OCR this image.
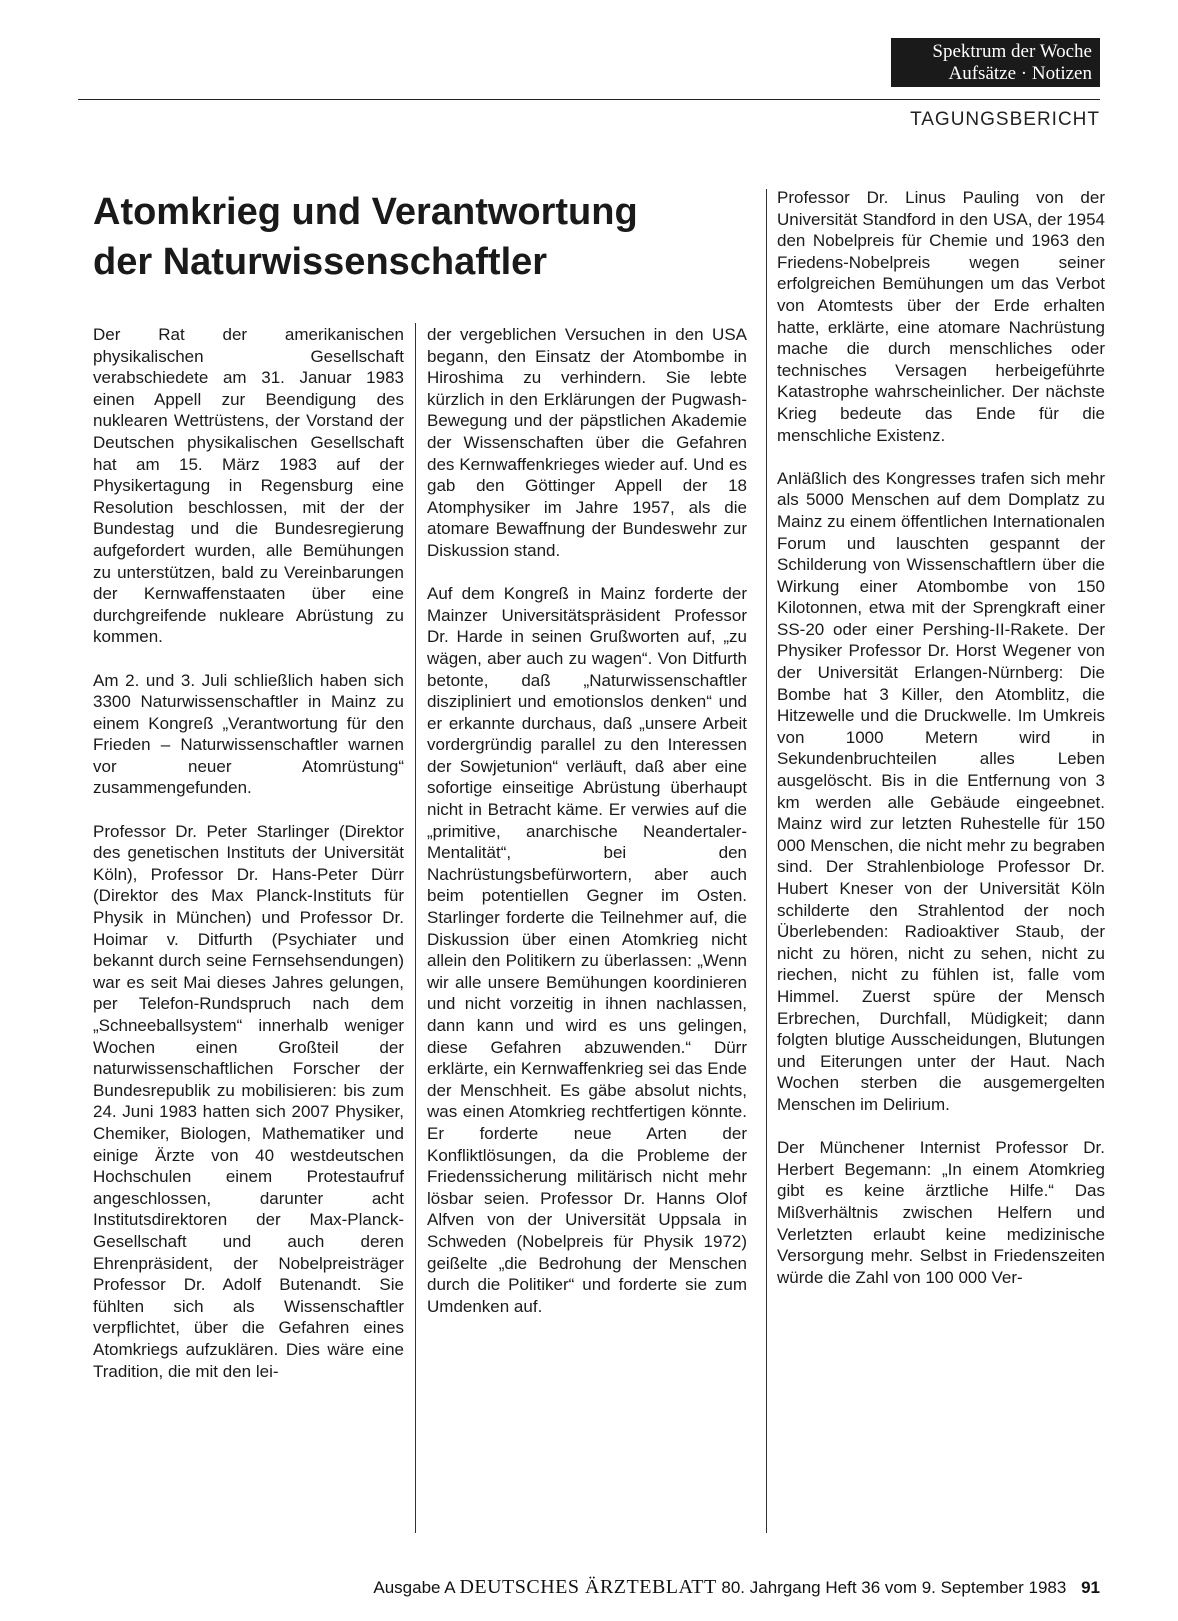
Spektrum der Woche
Aufsätze · Notizen
TAGUNGSBERICHT
Atomkrieg und Verantwortung
der Naturwissenschaftler

Der Rat der amerikanischen physikalischen Gesellschaft verabschiedete am 31. Januar 1983 einen Appell zur Beendigung des nuklearen Wettrüstens, der Vorstand der Deutschen physikalischen Gesellschaft hat am 15. März 1983 auf der Physikertagung in Regensburg eine Resolution beschlossen, mit der der Bundestag und die Bundesregierung aufgefordert wurden, alle Bemühungen zu unterstützen, bald zu Vereinbarungen der Kernwaffenstaaten über eine durchgreifende nukleare Abrüstung zu kommen.

Am 2. und 3. Juli schließlich haben sich 3300 Naturwissenschaftler in Mainz zu einem Kongreß „Verantwortung für den Frieden – Naturwissenschaftler warnen vor neuer Atomrüstung“ zusammengefunden.

Professor Dr. Peter Starlinger (Direktor des genetischen Instituts der Universität Köln), Professor Dr. Hans-Peter Dürr (Direktor des Max Planck-Instituts für Physik in München) und Professor Dr. Hoimar v. Ditfurth (Psychiater und bekannt durch seine Fernsehsendungen) war es seit Mai dieses Jahres gelungen, per Telefon-Rundspruch nach dem „Schneeballsystem“ innerhalb weniger Wochen einen Großteil der naturwissenschaftlichen Forscher der Bundesrepublik zu mobilisieren: bis zum 24. Juni 1983 hatten sich 2007 Physiker, Chemiker, Biologen, Mathematiker und einige Ärzte von 40 westdeutschen Hochschulen einem Protestaufruf angeschlossen, darunter acht Institutsdirektoren der Max-Planck-Gesellschaft und auch deren Ehrenpräsident, der Nobelpreisträger Professor Dr. Adolf Butenandt. Sie fühlten sich als Wissenschaftler verpflichtet, über die Gefahren eines Atomkriegs aufzuklären. Dies wäre eine Tradition, die mit den lei-

der vergeblichen Versuchen in den USA begann, den Einsatz der Atombombe in Hiroshima zu verhindern. Sie lebte kürzlich in den Erklärungen der Pugwash-Bewegung und der päpstlichen Akademie der Wissenschaften über die Gefahren des Kernwaffenkrieges wieder auf. Und es gab den Göttinger Appell der 18 Atomphysiker im Jahre 1957, als die atomare Bewaffnung der Bundeswehr zur Diskussion stand.

Auf dem Kongreß in Mainz forderte der Mainzer Universitätspräsident Professor Dr. Harde in seinen Grußworten auf, „zu wägen, aber auch zu wagen“. Von Ditfurth betonte, daß „Naturwissenschaftler diszipliniert und emotionslos denken“ und er erkannte durchaus, daß „unsere Arbeit vordergründig parallel zu den Interessen der Sowjetunion“ verläuft, daß aber eine sofortige einseitige Abrüstung überhaupt nicht in Betracht käme. Er verwies auf die „primitive, anarchische Neandertaler-Mentalität“, bei den Nachrüstungsbefürwortern, aber auch beim potentiellen Gegner im Osten. Starlinger forderte die Teilnehmer auf, die Diskussion über einen Atomkrieg nicht allein den Politikern zu überlassen: „Wenn wir alle unsere Bemühungen koordinieren und nicht vorzeitig in ihnen nachlassen, dann kann und wird es uns gelingen, diese Gefahren abzuwenden.“ Dürr erklärte, ein Kernwaffenkrieg sei das Ende der Menschheit. Es gäbe absolut nichts, was einen Atomkrieg rechtfertigen könnte. Er forderte neue Arten der Konfliktlösungen, da die Probleme der Friedenssicherung militärisch nicht mehr lösbar seien. Professor Dr. Hanns Olof Alfven von der Universität Uppsala in Schweden (Nobelpreis für Physik 1972) geißelte „die Bedrohung der Menschen durch die Politiker“ und forderte sie zum Umdenken auf.

Professor Dr. Linus Pauling von der Universität Standford in den USA, der 1954 den Nobelpreis für Chemie und 1963 den Friedens-Nobelpreis wegen seiner erfolgreichen Bemühungen um das Verbot von Atomtests über der Erde erhalten hatte, erklärte, eine atomare Nachrüstung mache die durch menschliches oder technisches Versagen herbeigeführte Katastrophe wahrscheinlicher. Der nächste Krieg bedeute das Ende für die menschliche Existenz.

Anläßlich des Kongresses trafen sich mehr als 5000 Menschen auf dem Domplatz zu Mainz zu einem öffentlichen Internationalen Forum und lauschten gespannt der Schilderung von Wissenschaftlern über die Wirkung einer Atombombe von 150 Kilotonnen, etwa mit der Sprengkraft einer SS-20 oder einer Pershing-II-Rakete. Der Physiker Professor Dr. Horst Wegener von der Universität Erlangen-Nürnberg: Die Bombe hat 3 Killer, den Atomblitz, die Hitzewelle und die Druckwelle. Im Umkreis von 1000 Metern wird in Sekundenbruchteilen alles Leben ausgelöscht. Bis in die Entfernung von 3 km werden alle Gebäude eingeebnet. Mainz wird zur letzten Ruhestelle für 150 000 Menschen, die nicht mehr zu begraben sind. Der Strahlenbiologe Professor Dr. Hubert Kneser von der Universität Köln schilderte den Strahlentod der noch Überlebenden: Radioaktiver Staub, der nicht zu hören, nicht zu sehen, nicht zu riechen, nicht zu fühlen ist, falle vom Himmel. Zuerst spüre der Mensch Erbrechen, Durchfall, Müdigkeit; dann folgten blutige Ausscheidungen, Blutungen und Eiterungen unter der Haut. Nach Wochen sterben die ausgemergelten Menschen im Delirium.

Der Münchener Internist Professor Dr. Herbert Begemann: „In einem Atomkrieg gibt es keine ärztliche Hilfe.“ Das Mißverhältnis zwischen Helfern und Verletzten erlaubt keine medizinische Versorgung mehr. Selbst in Friedenszeiten würde die Zahl von 100 000 Ver-

Ausgabe A DEUTSCHES ÄRZTEBLATT 80. Jahrgang Heft 36 vom 9. September 1983 91
